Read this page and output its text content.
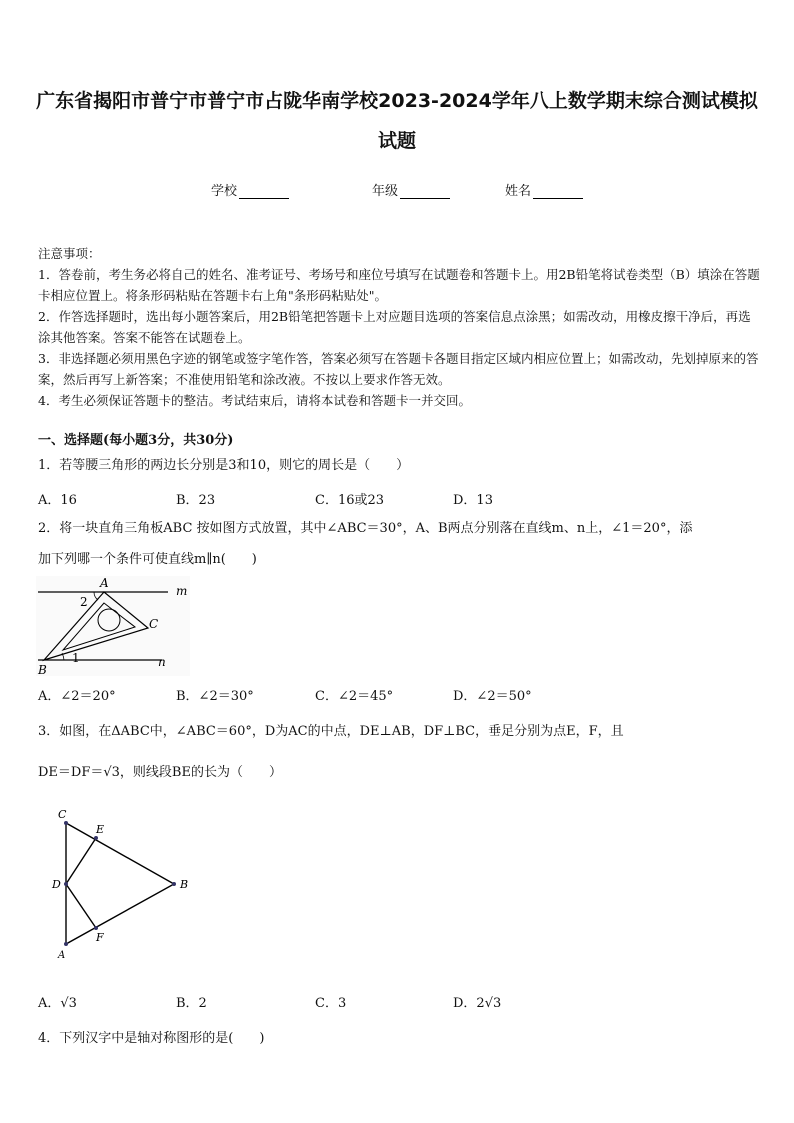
广东省揭阳市普宁市普宁市占陇华南学校2023-2024学年八上数学期末综合测试模拟
试题
学校	年级	姓名
注意事项：
1．答卷前，考生务必将自己的姓名、准考证号、考场号和座位号填写在试题卷和答题卡上。用2B铅笔将试卷类型（B）填涂在答题卡相应位置上。将条形码粘贴在答题卡右上角"条形码粘贴处"。
2．作答选择题时，选出每小题答案后，用2B铅笔把答题卡上对应题目选项的答案信息点涂黑；如需改动，用橡皮擦干净后，再选涂其他答案。答案不能答在试题卷上。
3．非选择题必须用黑色字迹的钢笔或签字笔作答，答案必须写在答题卡各题目指定区域内相应位置上；如需改动，先划掉原来的答案，然后再写上新答案；不准使用铅笔和涂改液。不按以上要求作答无效。
4．考生必须保证答题卡的整洁。考试结束后，请将本试卷和答题卡一并交回。
一、选择题(每小题3分，共30分)
1．若等腰三角形的两边长分别是3和10，则它的周长是（　　）
A．16	B．23	C．16或23	D．13
2．将一块直角三角板ABC 按如图方式放置，其中∠ABC＝30°，A、B两点分别落在直线m、n上，∠1＝20°，添
加下列哪一个条件可使直线m∥n(　　)
A
2
C
m
1	n
B
A．∠2＝20°	B．∠2＝30°	C．∠2＝45°	D．∠2＝50°
3．如图，在ΔABC中，∠ABC＝60°，D为AC的中点，DE⊥AB，DF⊥BC，垂足分别为点E，F，且
DE＝DF＝√3，则线段BE的长为（　　）
C
E
D	B
F
A
A．√3	B．2	C．3	D．2√3
4．下列汉字中是轴对称图形的是(　　)
